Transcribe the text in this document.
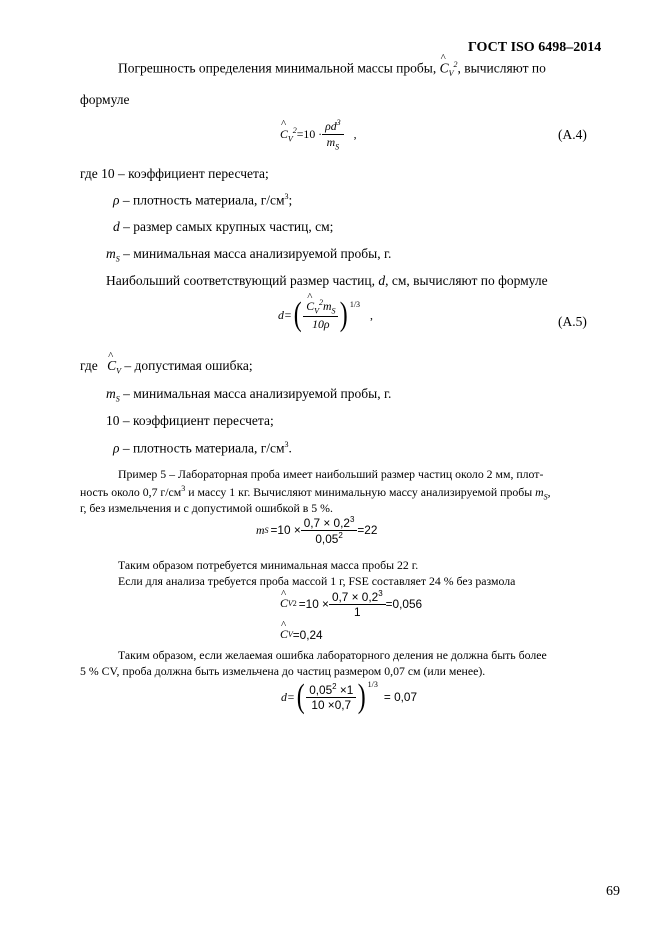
ГОСТ ISO 6498–2014
Погрешность определения минимальной массы пробы, ^ $C_V^2$, вычисляют по
формуле
^ $C_V^2 =10 \cdot \frac{\rho d^3}{m_S}$ ,	(A.4)
где 10 – коэффициент пересчета;
ρ – плотность материала, $г/см^3$;
d – размер самых крупных частиц, см;
$m_S$ – минимальная масса анализируемой пробы, г.
Наибольший соответствующий размер частиц, d, см, вычисляют по формуле
d= ( ^ $\frac{C_V^2m_S}{10\rho} )^{1/3}$
,	(A.5)
где ^ $C_V$ – допустимая ошибка;
$m_S$ – минимальная масса анализируемой пробы, г.
10 – коэффициент пересчета;
ρ – плотность материала, $г/см^3$.
Пример 5 – Лабораторная проба имеет наибольший размер частиц около 2 мм, плот-
ность около 0,7 $г/см^3$ и массу 1 кг. Вычисляют минимальную массу анализируемой пробы $m_S$,
г, без измельчения и с допустимой ошибкой в 5 %.
m $S =10 \times \frac{0,7 \times 0,2^3}{0,05^2} =22$
Таким образом потребуется минимальная масса пробы 22 г.
Если для анализа требуется проба массой 1 г, FSE составляет 24 % без размола
^ C V $2 =10 \times \frac{0,7 \times 0,2^3}{1} =0,056$
^ C V =0,24
Таким образом, если желаемая ошибка лабораторного деления не должна быть более
5 % CV, проба должна быть измельчена до частиц размером 0,07 см (или менее).
d= ( $\frac{0,05^2 \times 1}{10 \times 0,7} )^{1/3}$
= 0,07
69
